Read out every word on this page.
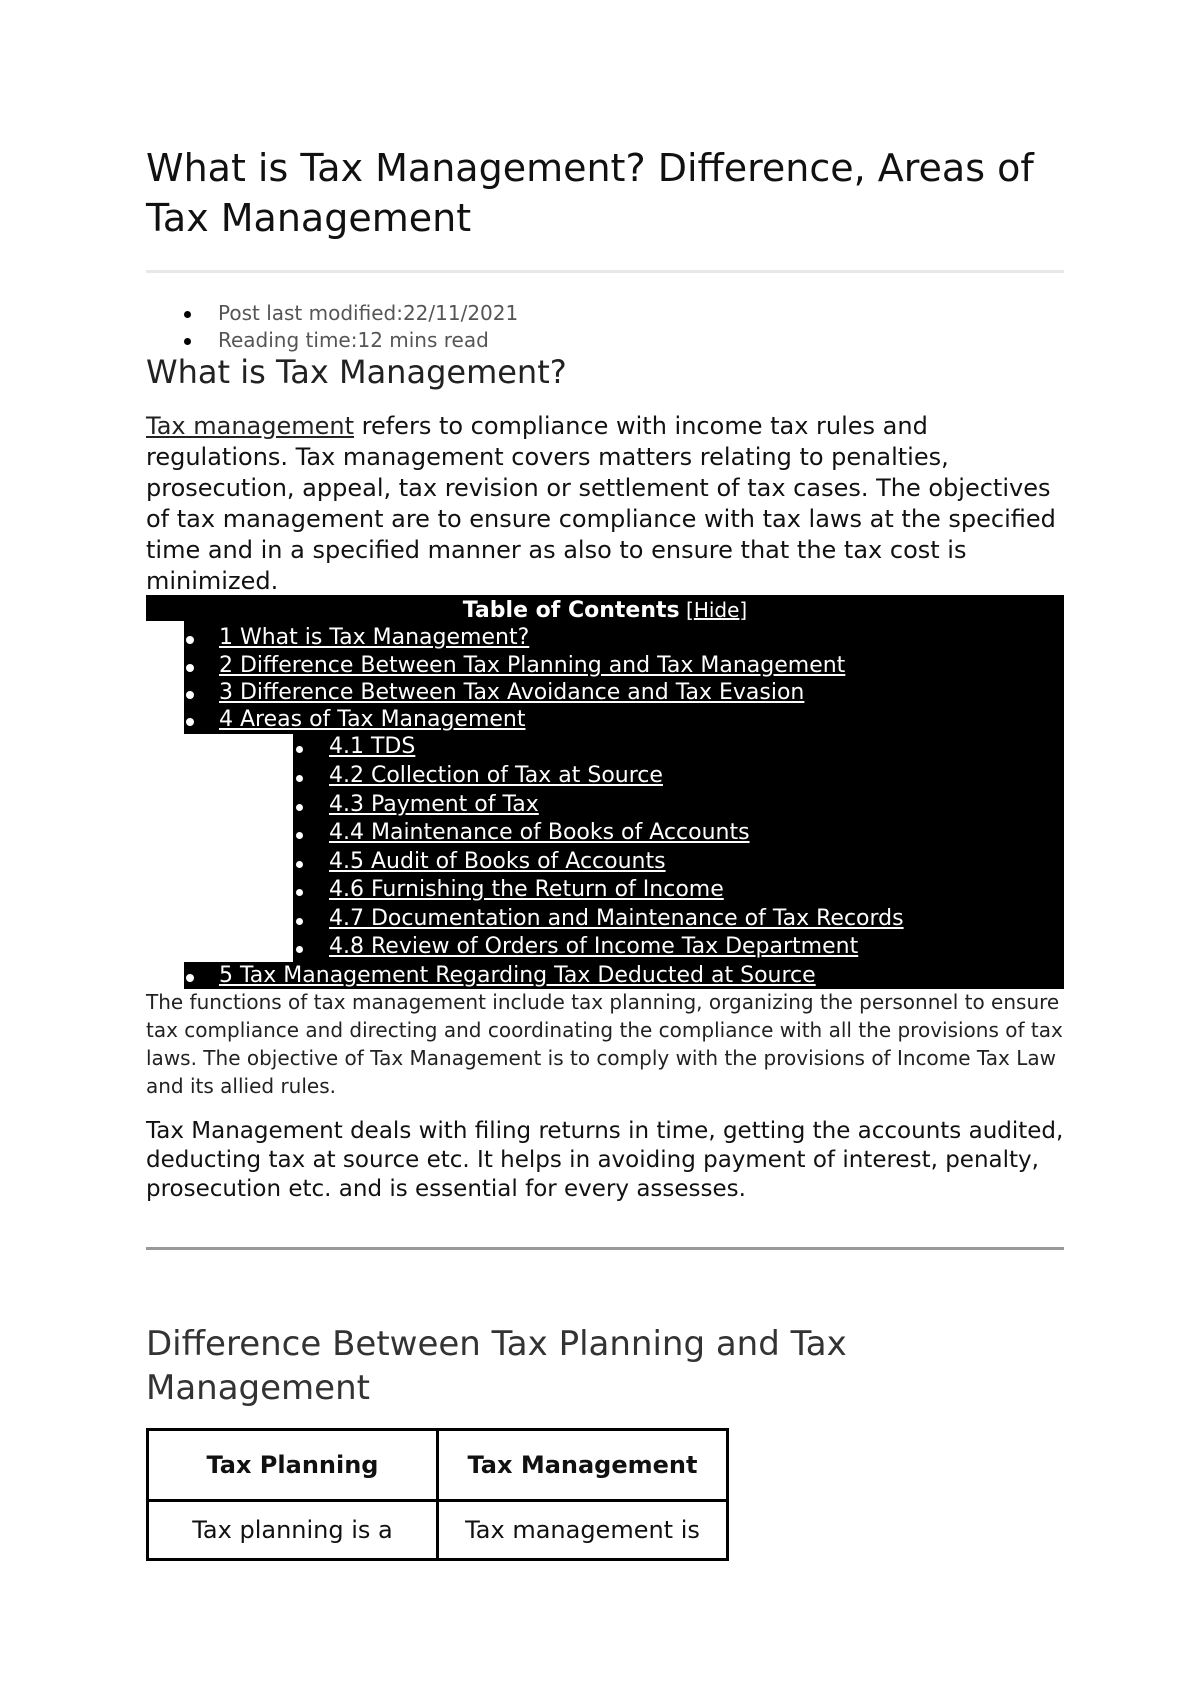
What is Tax Management? Difference, Areas of Tax Management
Post last modified:22/11/2021
Reading time:12 mins read
What is Tax Management?

Tax management refers to compliance with income tax rules and regulations. Tax management covers matters relating to penalties, prosecution, appeal, tax revision or settlement of tax cases. The objectives of tax management are to ensure compliance with tax laws at the specified time and in a specified manner as also to ensure that the tax cost is minimized.

Table of Contents [Hide]
1 What is Tax Management?
2 Difference Between Tax Planning and Tax Management
3 Difference Between Tax Avoidance and Tax Evasion
4 Areas of Tax Management
4.1 TDS
4.2 Collection of Tax at Source
4.3 Payment of Tax
4.4 Maintenance of Books of Accounts
4.5 Audit of Books of Accounts
4.6 Furnishing the Return of Income
4.7 Documentation and Maintenance of Tax Records
4.8 Review of Orders of Income Tax Department
5 Tax Management Regarding Tax Deducted at Source

The functions of tax management include tax planning, organizing the personnel to ensure tax compliance and directing and coordinating the compliance with all the provisions of tax laws. The objective of Tax Management is to comply with the provisions of Income Tax Law and its allied rules.

Tax Management deals with filing returns in time, getting the accounts audited, deducting tax at source etc. It helps in avoiding payment of interest, penalty, prosecution etc. and is essential for every assesses.

Difference Between Tax Planning and Tax Management
Tax Planning	Tax Management
Tax planning is a	Tax management is
